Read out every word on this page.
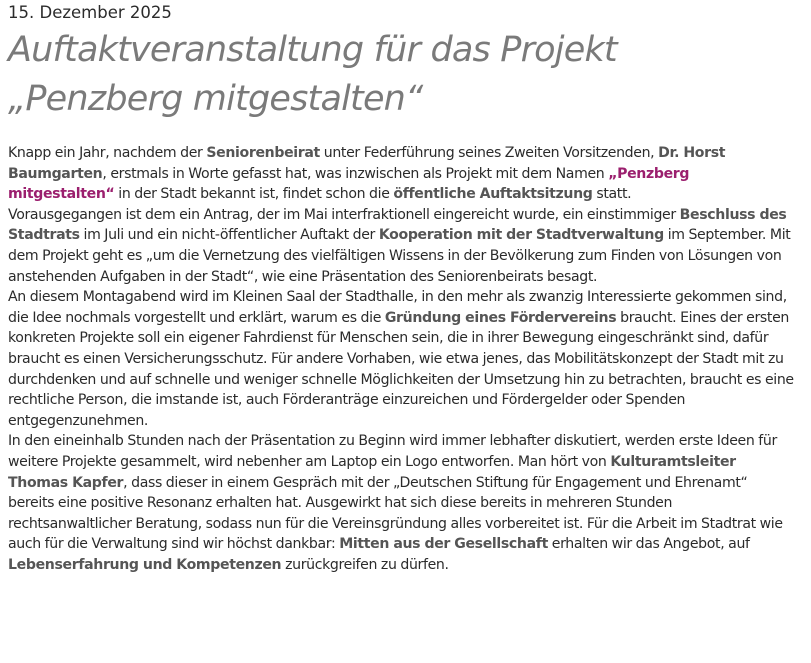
15. Dezember 2025
Auftaktveranstaltung für das Projekt „Penzberg mitgestalten“

Knapp ein Jahr, nachdem der Seniorenbeirat unter Federführung seines Zweiten Vorsitzenden, Dr. Horst Baumgarten, erstmals in Worte gefasst hat, was inzwischen als Projekt mit dem Namen „Penzberg mitgestalten“ in der Stadt bekannt ist, findet schon die öffentliche Auftaktsitzung statt.

Vorausgegangen ist dem ein Antrag, der im Mai interfraktionell eingereicht wurde, ein einstimmiger Beschluss des Stadtrats im Juli und ein nicht-öffentlicher Auftakt der Kooperation mit der Stadtverwaltung im September. Mit dem Projekt geht es „um die Vernetzung des vielfältigen Wissens in der Bevölkerung zum Finden von Lösungen von anstehenden Aufgaben in der Stadt“, wie eine Präsentation des Seniorenbeirats besagt.

An diesem Montagabend wird im Kleinen Saal der Stadthalle, in den mehr als zwanzig Interessierte gekommen sind, die Idee nochmals vorgestellt und erklärt, warum es die Gründung eines Fördervereins braucht. Eines der ersten konkreten Projekte soll ein eigener Fahrdienst für Menschen sein, die in ihrer Bewegung eingeschränkt sind, dafür braucht es einen Versicherungsschutz. Für andere Vorhaben, wie etwa jenes, das Mobilitätskonzept der Stadt mit zu durchdenken und auf schnelle und weniger schnelle Möglichkeiten der Umsetzung hin zu betrachten, braucht es eine rechtliche Person, die imstande ist, auch Förderanträge einzureichen und Fördergelder oder Spenden entgegenzunehmen.

In den eineinhalb Stunden nach der Präsentation zu Beginn wird immer lebhafter diskutiert, werden erste Ideen für weitere Projekte gesammelt, wird nebenher am Laptop ein Logo entworfen. Man hört von Kulturamtsleiter Thomas Kapfer, dass dieser in einem Gespräch mit der „Deutschen Stiftung für Engagement und Ehrenamt“ bereits eine positive Resonanz erhalten hat. Ausgewirkt hat sich diese bereits in mehreren Stunden rechtsanwaltlicher Beratung, sodass nun für die Vereinsgründung alles vorbereitet ist. Für die Arbeit im Stadtrat wie auch für die Verwaltung sind wir höchst dankbar: Mitten aus der Gesellschaft erhalten wir das Angebot, auf Lebenserfahrung und Kompetenzen zurückgreifen zu dürfen.
